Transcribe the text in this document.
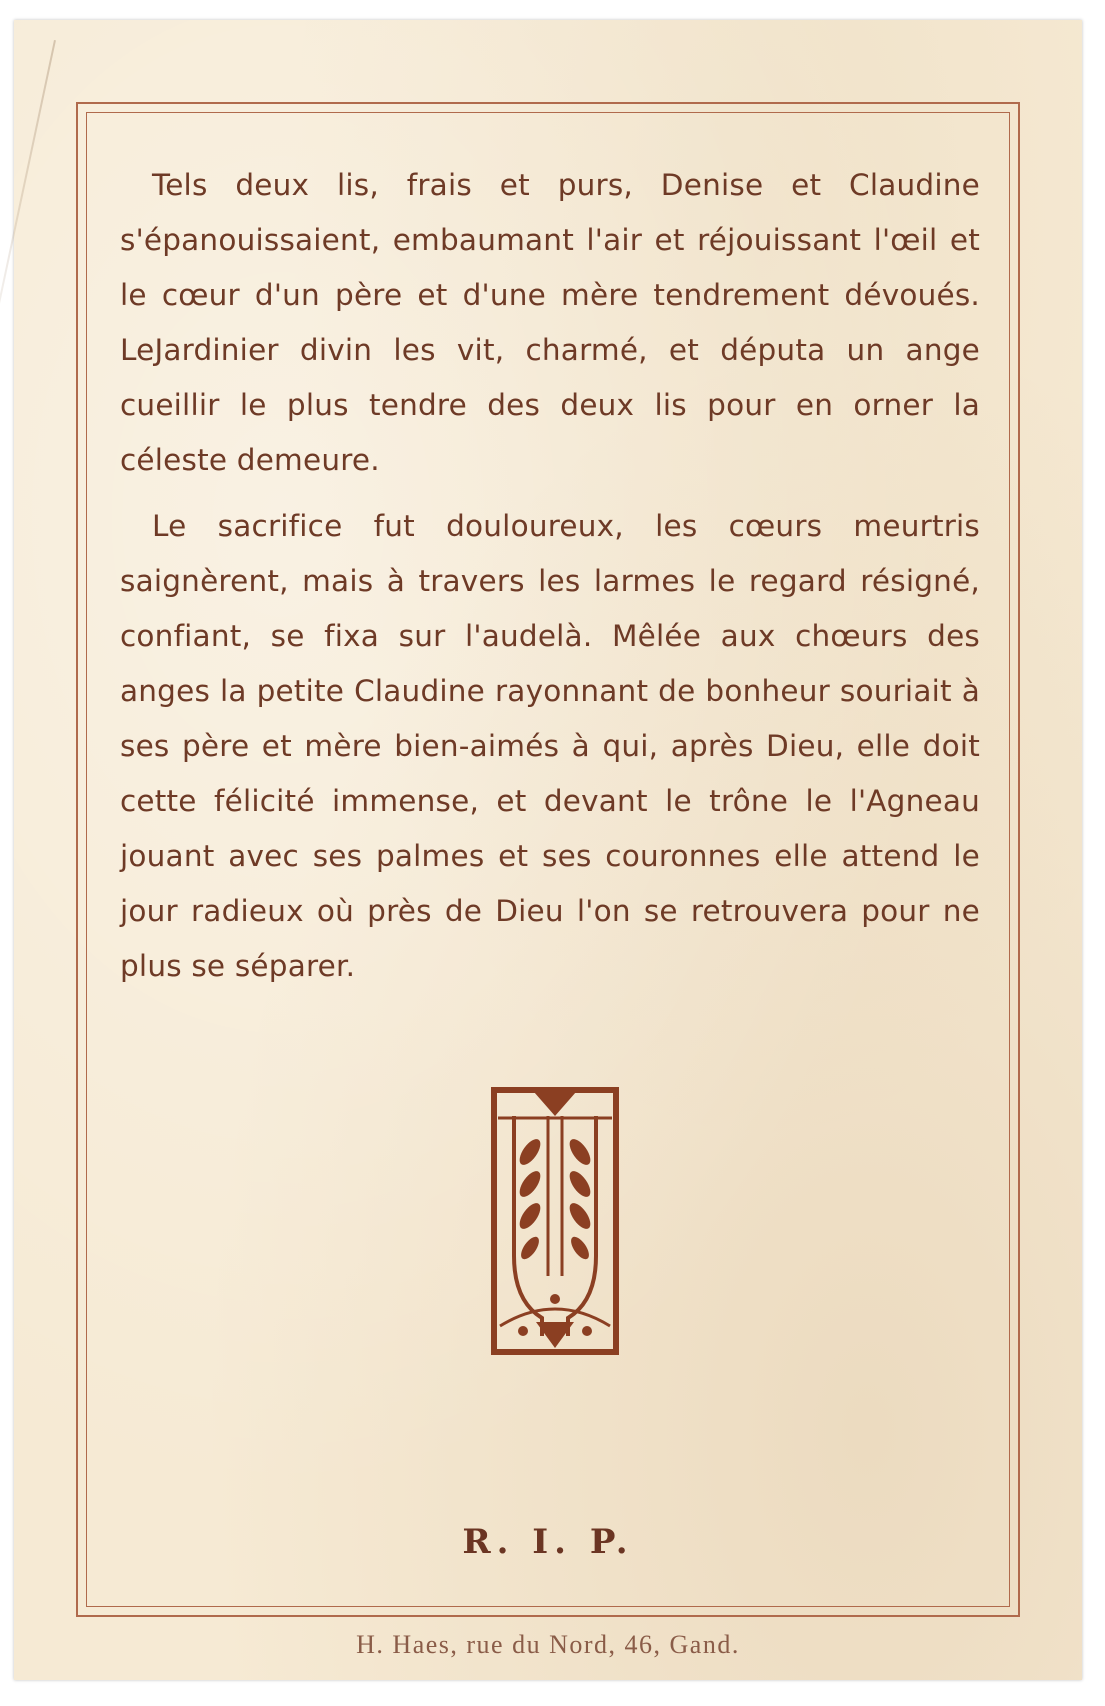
Tels deux lis, frais et purs, Denise et Claudine s'épanouissaient, embaumant l'air et réjouissant l'œil et le cœur d'un père et d'une mère tendrement dévoués. LeJardinier divin les vit, charmé, et députa un ange cueillir le plus tendre des deux lis pour en orner la céleste demeure.

Le sacrifice fut douloureux, les cœurs meurtris saignèrent, mais à travers les larmes le regard résigné, confiant, se fixa sur l'audelà. Mêlée aux chœurs des anges la petite Claudine rayonnant de bonheur souriait à ses père et mère bien-aimés à qui, après Dieu, elle doit cette félicité immense, et devant le trône le l'Agneau jouant avec ses palmes et ses couronnes elle attend le jour radieux où près de Dieu l'on se retrouvera pour ne plus se séparer.

R. I. P.
H. Haes, rue du Nord, 46, Gand.
